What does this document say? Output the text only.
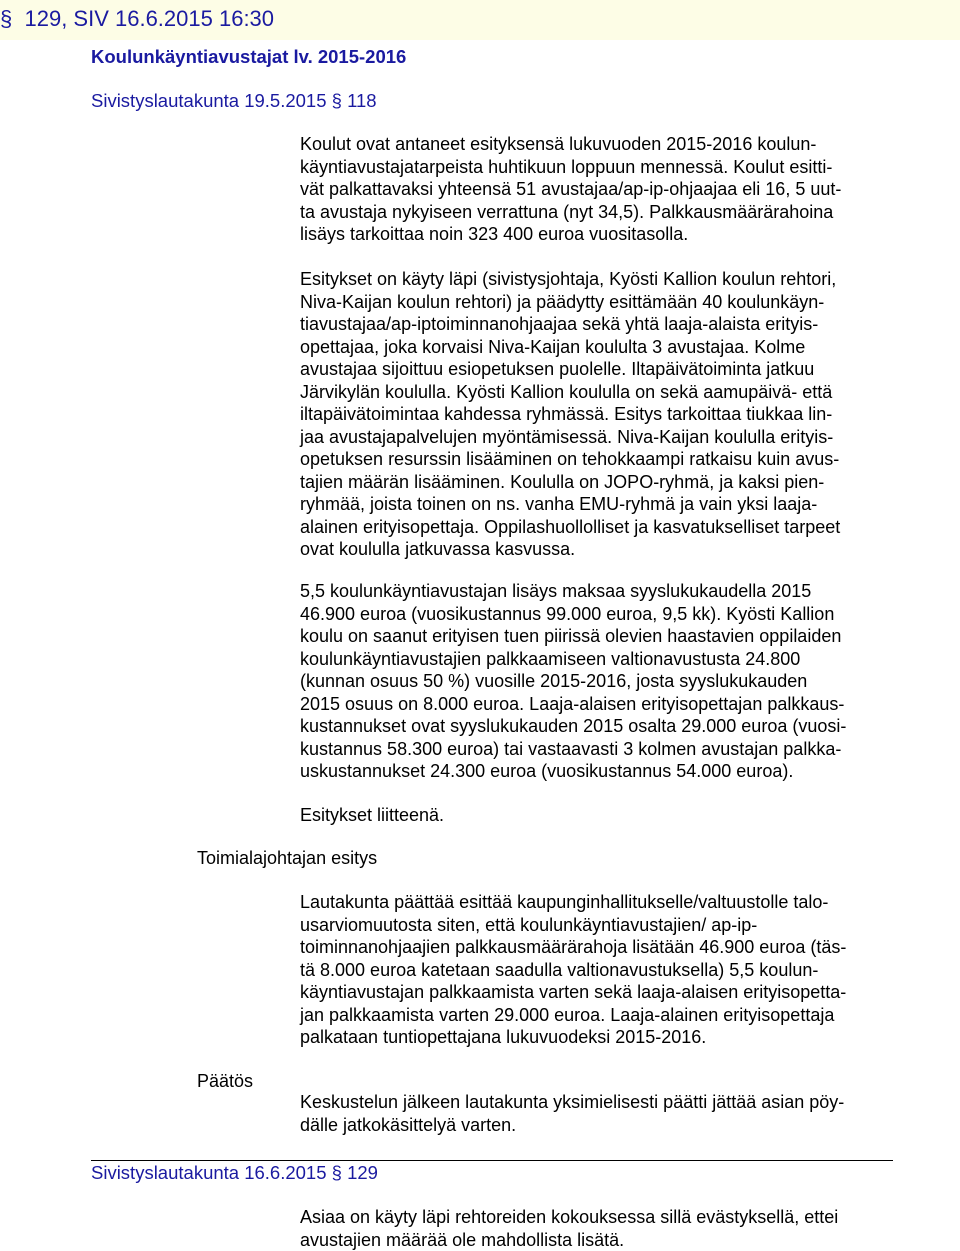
§ 129, SIV 16.6.2015 16:30
Koulunkäyntiavustajat lv. 2015-2016
Sivistyslautakunta 19.5.2015 § 118
Koulut ovat antaneet esityksensä lukuvuoden 2015-2016 koulun-
käyntiavustajatarpeista huhtikuun loppuun mennessä. Koulut esitti-
vät palkattavaksi yhteensä 51 avustajaa/ap-ip-ohjaajaa eli 16, 5 uut-
ta avustaja nykyiseen verrattuna (nyt 34,5). Palkkausmäärärahoina
lisäys tarkoittaa noin 323 400 euroa vuositasolla.
Esitykset on käyty läpi (sivistysjohtaja, Kyösti Kallion koulun rehtori,
Niva-Kaijan koulun rehtori) ja päädytty esittämään 40 koulunkäyn-
tiavustajaa/ap-iptoiminnanohjaajaa sekä yhtä laaja-alaista erityis-
opettajaa, joka korvaisi Niva-Kaijan koululta 3 avustajaa. Kolme
avustajaa sijoittuu esiopetuksen puolelle. Iltapäivätoiminta jatkuu
Järvikylän koululla. Kyösti Kallion koululla on sekä aamupäivä- että
iltapäivätoimintaa kahdessa ryhmässä. Esitys tarkoittaa tiukkaa lin-
jaa avustajapalvelujen myöntämisessä. Niva-Kaijan koululla erityis-
opetuksen resurssin lisääminen on tehokkaampi ratkaisu kuin avus-
tajien määrän lisääminen. Koululla on JOPO-ryhmä, ja kaksi pien-
ryhmää, joista toinen on ns. vanha EMU-ryhmä ja vain yksi laaja-
alainen erityisopettaja. Oppilashuollolliset ja kasvatukselliset tarpeet
ovat koululla jatkuvassa kasvussa.
5,5 koulunkäyntiavustajan lisäys maksaa syyslukukaudella 2015
46.900 euroa (vuosikustannus 99.000 euroa, 9,5 kk). Kyösti Kallion
koulu on saanut erityisen tuen piirissä olevien haastavien oppilaiden
koulunkäyntiavustajien palkkaamiseen valtionavustusta 24.800
(kunnan osuus 50 %) vuosille 2015-2016, josta syyslukukauden
2015 osuus on 8.000 euroa. Laaja-alaisen erityisopettajan palkkaus-
kustannukset ovat syyslukukauden 2015 osalta 29.000 euroa (vuosi-
kustannus 58.300 euroa) tai vastaavasti 3 kolmen avustajan palkka-
uskustannukset 24.300 euroa (vuosikustannus 54.000 euroa).
Esitykset liitteenä.
Toimialajohtajan esitys
Lautakunta päättää esittää kaupunginhallitukselle/valtuustolle talo-
usarviomuutosta siten, että koulunkäyntiavustajien/ ap-ip-
toiminnanohjaajien palkkausmäärärahoja lisätään 46.900 euroa (täs-
tä 8.000 euroa katetaan saadulla valtionavustuksella) 5,5 koulun-
käyntiavustajan palkkaamista varten sekä laaja-alaisen erityisopetta-
jan palkkaamista varten 29.000 euroa. Laaja-alainen erityisopettaja
palkataan tuntiopettajana lukuvuodeksi 2015-2016.
Päätös
Keskustelun jälkeen lautakunta yksimielisesti päätti jättää asian pöy-
dälle jatkokäsittelyä varten.
Sivistyslautakunta 16.6.2015 § 129
Asiaa on käyty läpi rehtoreiden kokouksessa sillä evästyksellä, ettei
avustajien määrää ole mahdollista lisätä.
